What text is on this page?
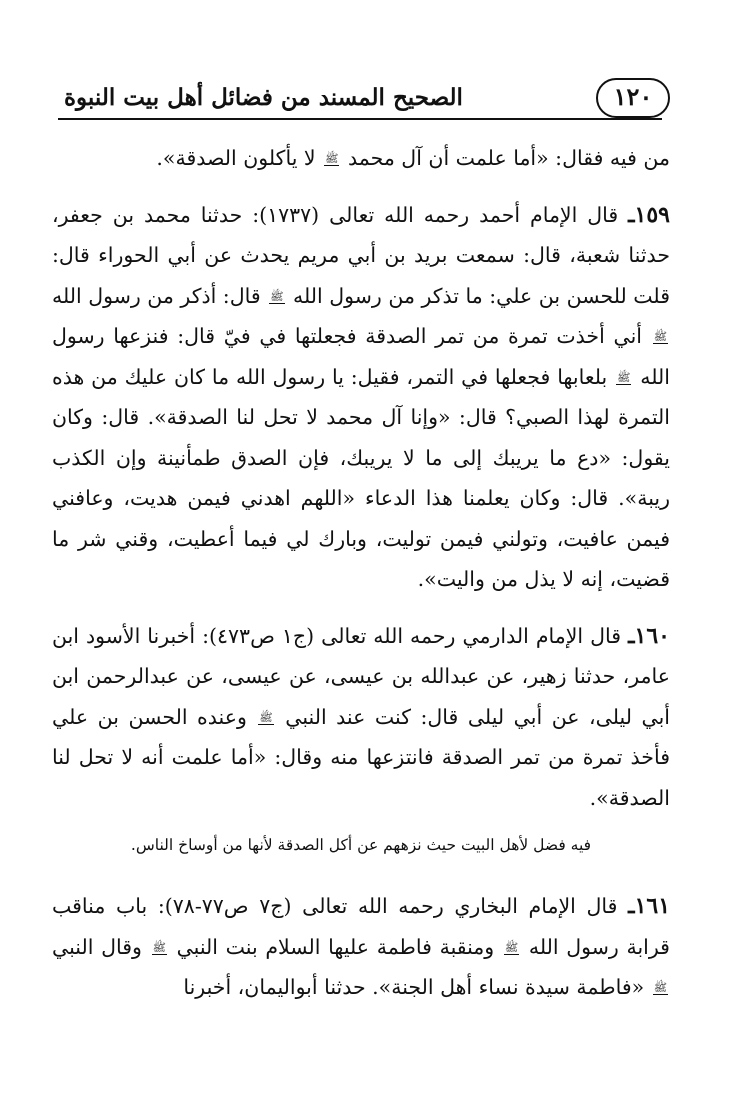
الصحيح المسند من فضائل أهل بيت النبوة	١٢٠

من فيه فقال: «أما علمت أن آل محمد ﷺ لا يأكلون الصدقة».

١٥٩ـ قال الإمام أحمد رحمه الله تعالى (١٧٣٧): حدثنا محمد بن جعفر، حدثنا شعبة، قال: سمعت بريد بن أبي مريم يحدث عن أبي الحوراء قال: قلت للحسن بن علي: ما تذكر من رسول الله ﷺ قال: أذكر من رسول الله ﷺ أني أخذت تمرة من تمر الصدقة فجعلتها في فيّ قال: فنزعها رسول الله ﷺ بلعابها فجعلها في التمر، فقيل: يا رسول الله ما كان عليك من هذه التمرة لهذا الصبي؟ قال: «وإنا آل محمد لا تحل لنا الصدقة». قال: وكان يقول: «دع ما يريبك إلى ما لا يريبك، فإن الصدق طمأنينة وإن الكذب ريبة». قال: وكان يعلمنا هذا الدعاء «اللهم اهدني فيمن هديت، وعافني فيمن عافيت، وتولني فيمن توليت، وبارك لي فيما أعطيت، وقني شر ما قضيت، إنه لا يذل من واليت».

١٦٠ـ قال الإمام الدارمي رحمه الله تعالى (ج١ ص٤٧٣): أخبرنا الأسود ابن عامر، حدثنا زهير، عن عبدالله بن عيسى، عن عيسى، عن عبدالرحمن ابن أبي ليلى، عن أبي ليلى قال: كنت عند النبي ﷺ وعنده الحسن بن علي فأخذ تمرة من تمر الصدقة فانتزعها منه وقال: «أما علمت أنه لا تحل لنا الصدقة».

فيه فضل لأهل البيت حيث نزههم عن أكل الصدقة لأنها من أوساخ الناس.

١٦١ـ قال الإمام البخاري رحمه الله تعالى (ج٧ ص٧٧-٧٨): باب مناقب قرابة رسول الله ﷺ ومنقبة فاطمة عليها السلام بنت النبي ﷺ وقال النبي ﷺ «فاطمة سيدة نساء أهل الجنة». حدثنا أبواليمان، أخبرنا
